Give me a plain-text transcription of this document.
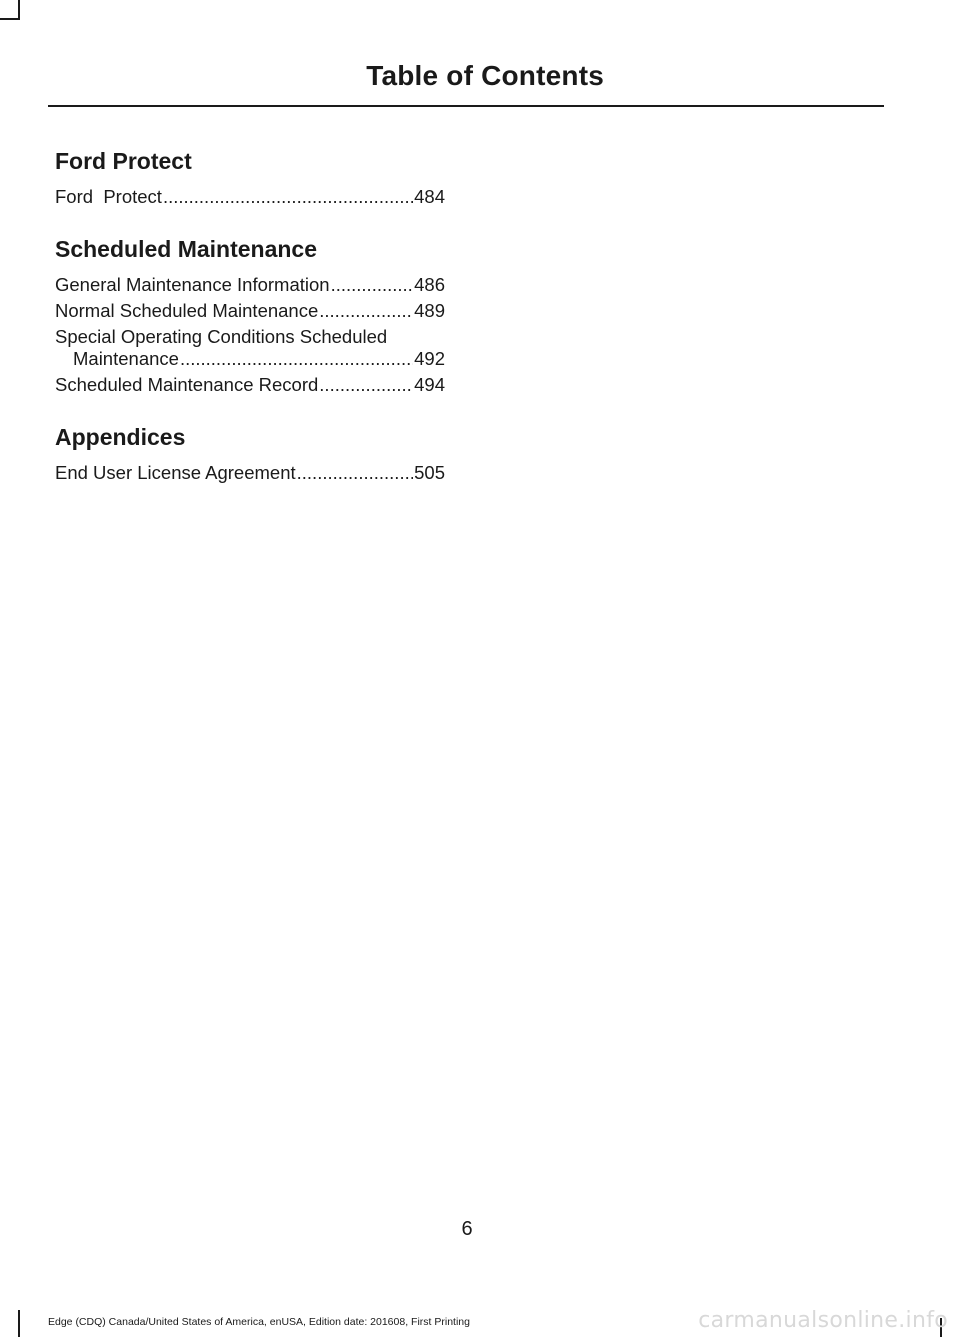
Table of Contents
Ford Protect
Ford  Protect .....	484
Scheduled Maintenance
General Maintenance Information .....	486
Normal Scheduled Maintenance .....	489
Special Operating Conditions Scheduled
Maintenance .....	492
Scheduled Maintenance Record .....	494
Appendices
End User License Agreement .....	505
6
Edge (CDQ) Canada/United States of America, enUSA, Edition date: 201608, First Printing	carmanualsonline.info
